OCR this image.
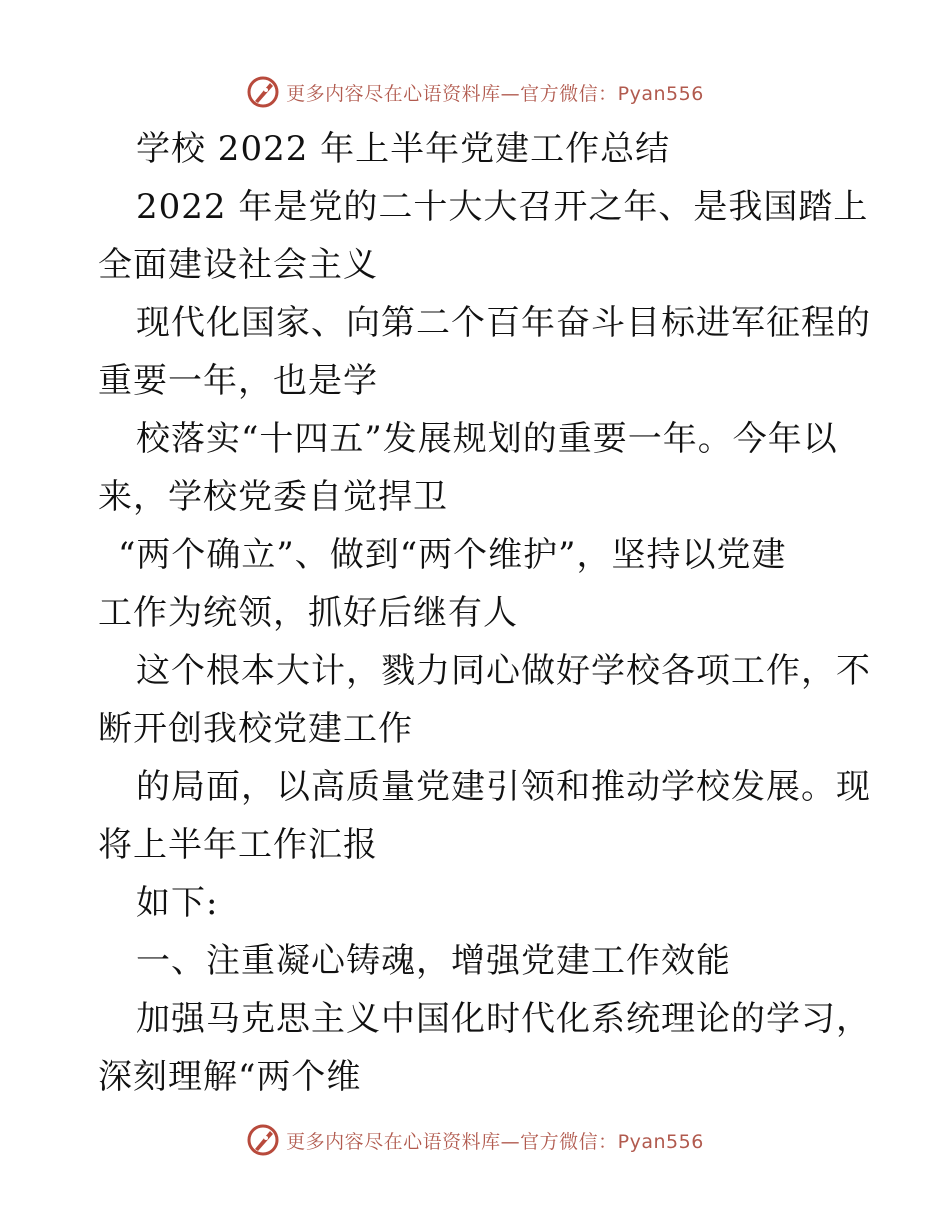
更多内容尽在心语资料库—官方微信：Pyan556
学校 2022 年上半年党建工作总结
2022 年是党的二十大大召开之年、是我国踏上
全面建设社会主义
现代化国家、向第二个百年奋斗目标进军征程的
重要一年，也是学
校落实“十四五”发展规划的重要一年。今年以
来，学校党委自觉捍卫
“两个确立”、做到“两个维护”，坚持以党建
工作为统领，抓好后继有人
这个根本大计，戮力同心做好学校各项工作，不
断开创我校党建工作
的局面，以高质量党建引领和推动学校发展。现
将上半年工作汇报
如下:
一、注重凝心铸魂，增强党建工作效能
加强马克思主义中国化时代化系统理论的学习，
深刻理解“两个维
更多内容尽在心语资料库—官方微信：Pyan556
